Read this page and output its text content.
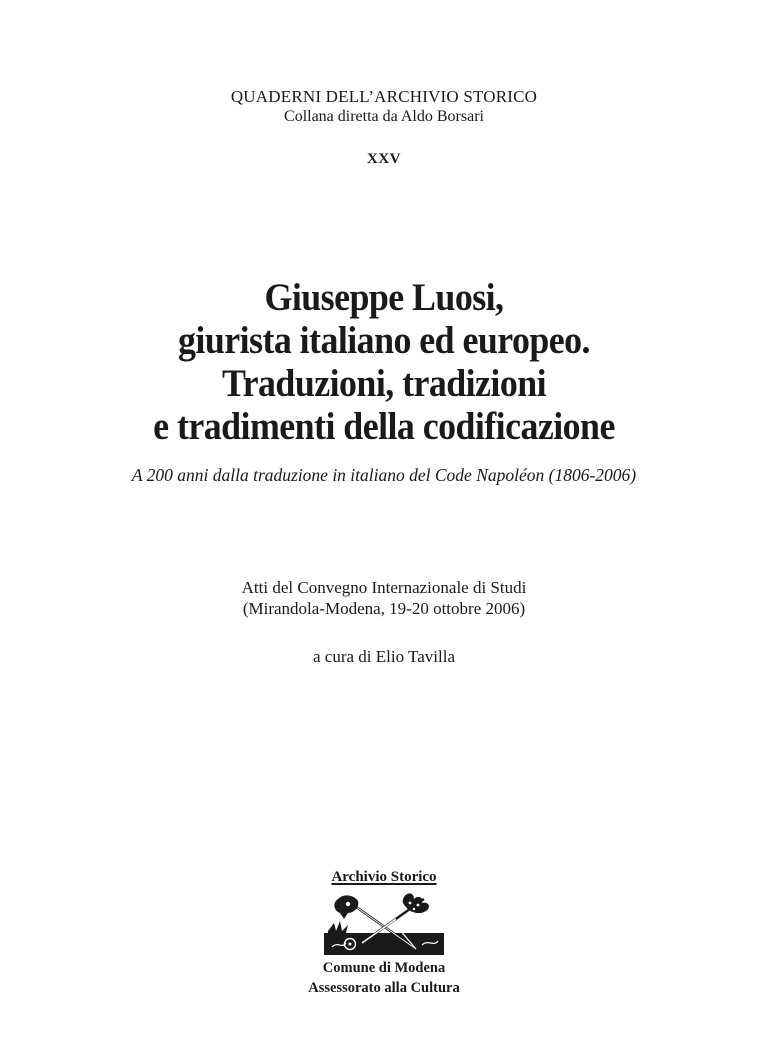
QUADERNI DELL’ARCHIVIO STORICO
Collana diretta da Aldo Borsari
XXV
Giuseppe Luosi,
giurista italiano ed europeo.
Traduzioni, tradizioni
e tradimenti della codificazione
A 200 anni dalla traduzione in italiano del Code Napoléon (1806-2006)
Atti del Convegno Internazionale di Studi
(Mirandola-Modena, 19-20 ottobre 2006)
a cura di Elio Tavilla

Archivio Storico

Comune di Modena
Assessorato alla Cultura
